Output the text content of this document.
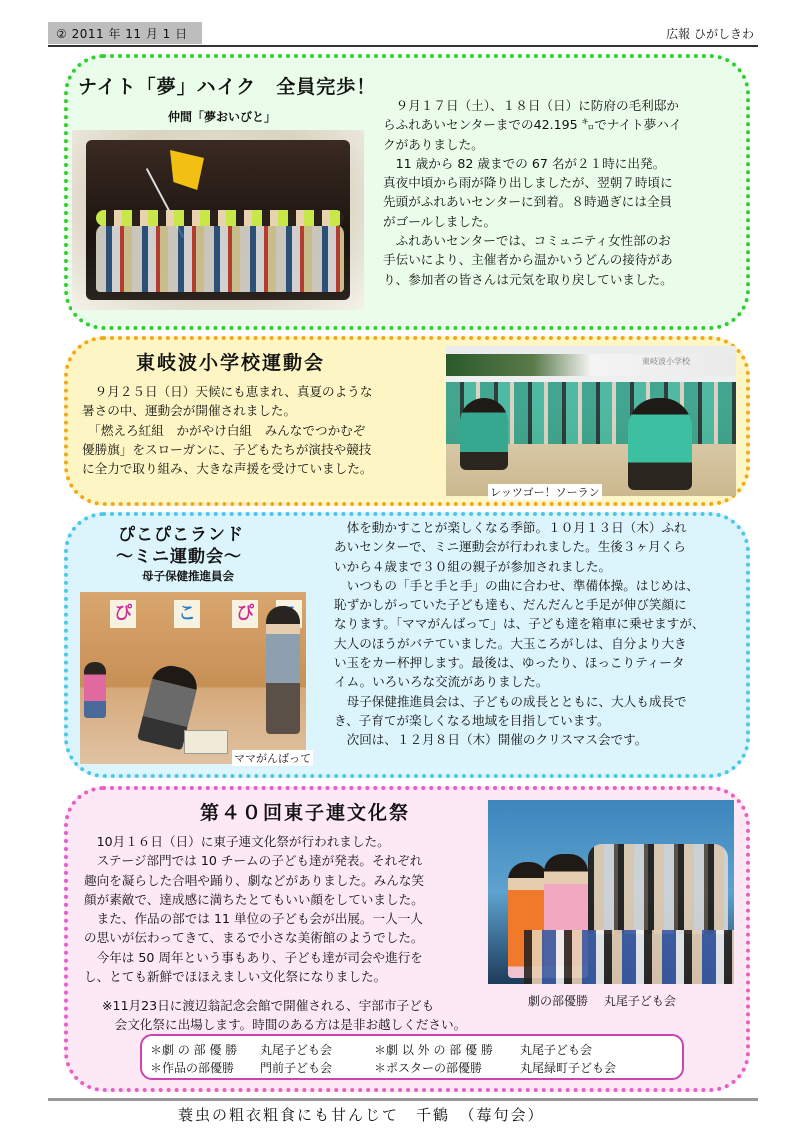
② 2011 年 11 月 1 日	広報 ひがしきわ
ナイト「夢」ハイク　全員完歩！
仲間「夢おいびと」
　９月１７日（土）、１８日（日）に防府の毛利邸か
らふれあいセンターまでの42.195 ㌔でナイト夢ハイ
クがありました。
　11 歳から 82 歳までの 67 名が２１時に出発。
真夜中頃から雨が降り出しましたが、翌朝７時頃に
先頭がふれあいセンターに到着。８時過ぎには全員
がゴールしました。
　ふれあいセンターでは、コミュニティ女性部のお
手伝いにより、主催者から温かいうどんの接待があ
り、参加者の皆さんは元気を取り戻していました。
東岐波小学校運動会
　９月２５日（日）天候にも恵まれ、真夏のような
暑さの中、運動会が開催されました。
　「燃えろ紅組　かがやけ白組　みんなでつかむぞ
優勝旗」をスローガンに、子どもたちが演技や競技
に全力で取り組み、大きな声援を受けていました。
東岐波小学校
レッツゴー！ソーラン
ぴこぴこランド
～ミニ運動会～
母子保健推進員会
ぴ	こ ぴ
ママがんばって
　体を動かすことが楽しくなる季節。１０月１３日（木）ふれ
あいセンターで、ミニ運動会が行われました。生後３ヶ月くら
いから４歳まで３０組の親子が参加されました。
　いつもの「手と手と手」の曲に合わせ、準備体操。はじめは、
恥ずかしがっていた子ども達も、だんだんと手足が伸び笑顔に
なります。「ママがんばって」は、子ども達を箱車に乗せますが、
大人のほうがバテていました。大玉ころがしは、自分より大き
い玉をカー杯押します。最後は、ゆったり、ほっこりティータ
イム。いろいろな交流がありました。
　母子保健推進員会は、子どもの成長とともに、大人も成長で
き、子育てが楽しくなる地域を目指しています。
　次回は、１２月８日（木）開催のクリスマス会です。
第４０回東子連文化祭
　10月１６日（日）に東子連文化祭が行われました。
　ステージ部門では 10 チームの子ども達が発表。それぞれ
趣向を凝らした合唱や踊り、劇などがありました。みんな笑
顔が素敵で、達成感に満ちたとてもいい顔をしていました。
　また、作品の部では 11 単位の子ども会が出展。一人一人
の思いが伝わってきて、まるで小さな美術館のようでした。
　今年は 50 周年という事もあり、子ども達が司会や進行を
し、とても新鮮でほほえましい文化祭になりました。
劇の部優勝　 丸尾子ども会
※11月23日に渡辺翁記念会館で開催される、宇部市子ども
　会文化祭に出場します。時間のある方は是非お越しください。
＊劇 の 部 優 勝 丸尾子ども会	＊劇 以 外 の 部 優 勝 丸尾子ども会
＊作品の部優勝 門前子ども会	＊ポスターの部優勝	丸尾緑町子ども会
蓑虫の粗衣粗食にも甘んじて　千鶴　（莓句会）
